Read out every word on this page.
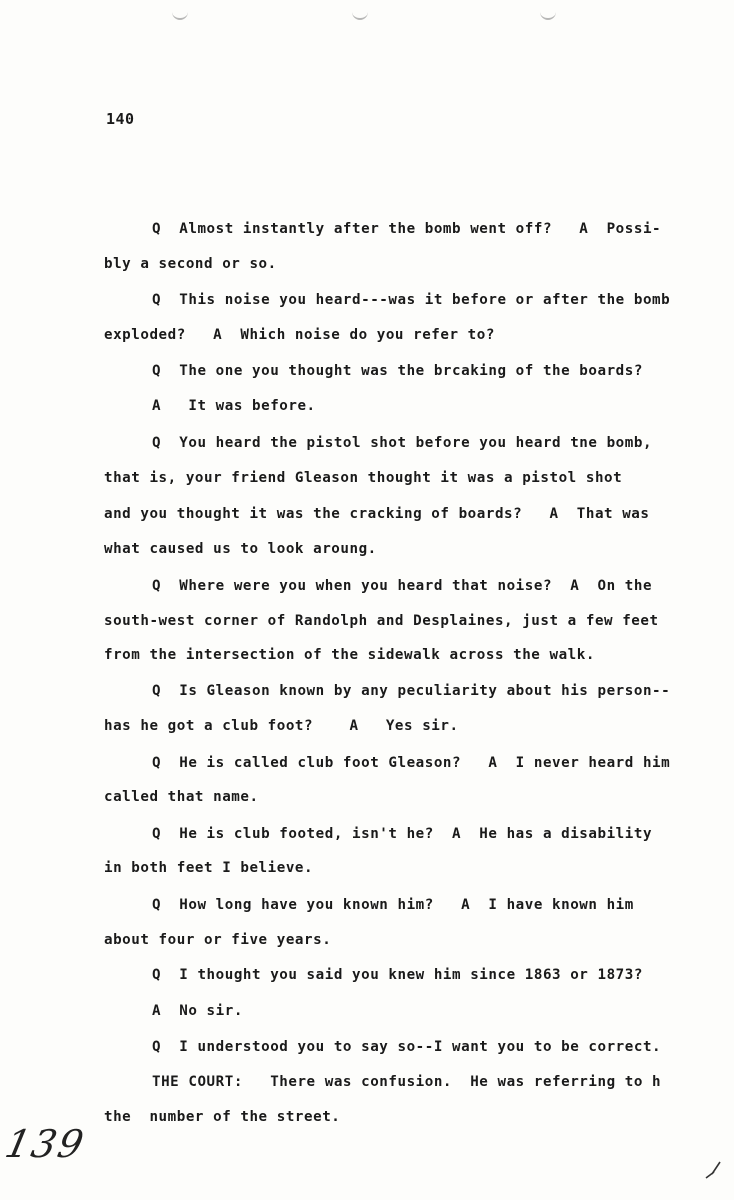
140
Q  Almost instantly after the bomb went off?   A  Possi-
bly a second or so.
Q  This noise you heard---was it before or after the bomb
exploded?   A  Which noise do you refer to?
Q  The one you thought was the brcaking of the boards?
A   It was before.
Q  You heard the pistol shot before you heard tne bomb,
that is, your friend Gleason thought it was a pistol shot
and you thought it was the cracking of boards?   A  That was
what caused us to look aroung.
Q  Where were you when you heard that noise?  A  On the
south-west corner of Randolph and Desplaines, just a few feet
from the intersection of the sidewalk across the walk.
Q  Is Gleason known by any peculiarity about his person--
has he got a club foot?    A   Yes sir.
Q  He is called club foot Gleason?   A  I never heard him
called that name.
Q  He is club footed, isn't he?  A  He has a disability
in both feet I believe.
Q  How long have you known him?   A  I have known him
about four or five years.
Q  I thought you said you knew him since 1863 or 1873?
A  No sir.
Q  I understood you to say so--I want you to be correct.
THE COURT:   There was confusion.  He was referring to h
the  number of the street.
139
